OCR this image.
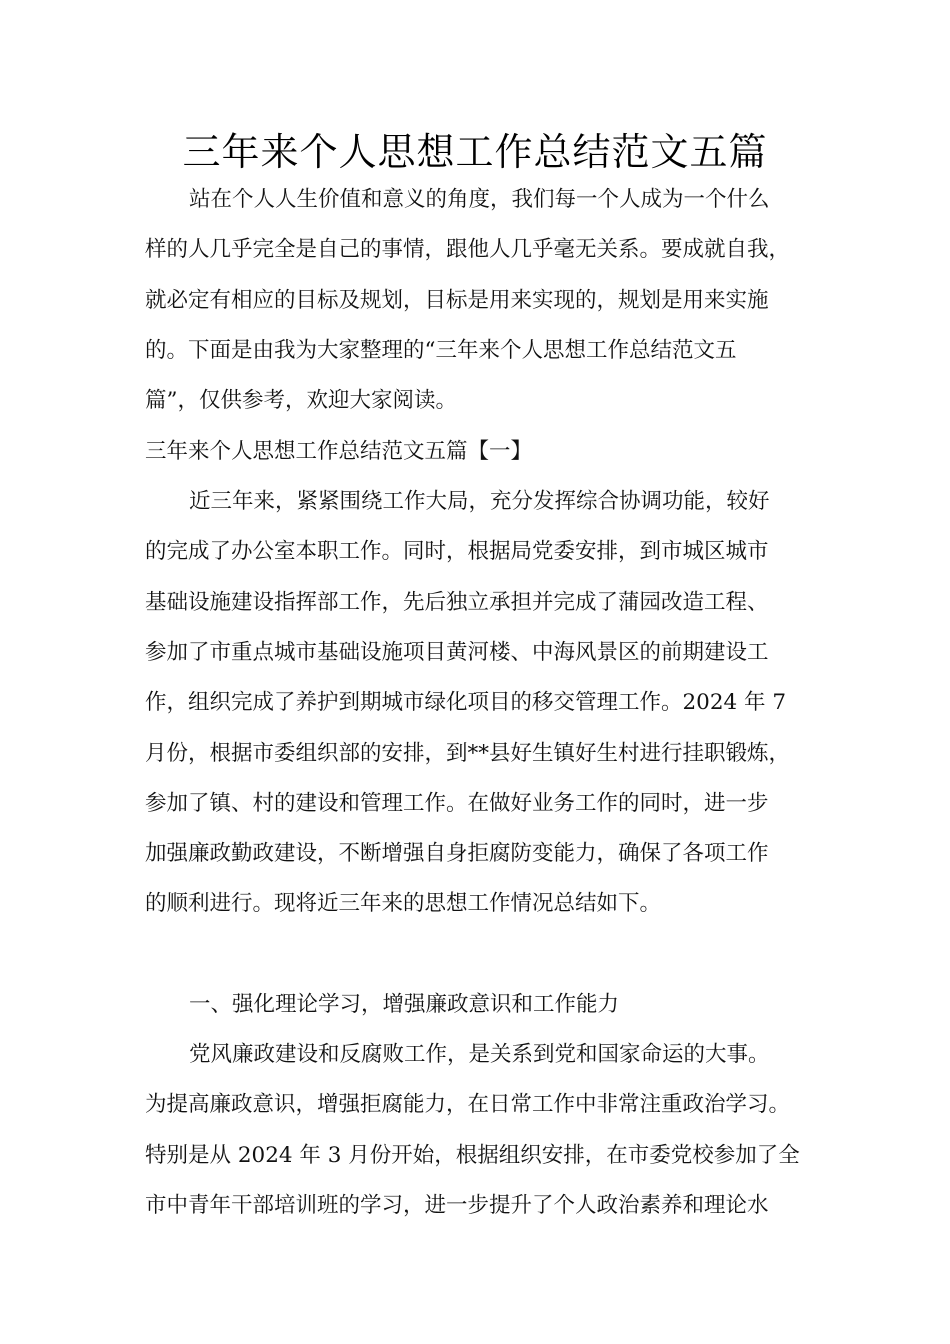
三年来个人思想工作总结范文五篇
站在个人人生价值和意义的角度，我们每一个人成为一个什么
样的人几乎完全是自己的事情，跟他人几乎毫无关系。要成就自我，
就必定有相应的目标及规划，目标是用来实现的，规划是用来实施
的。下面是由我为大家整理的“三年来个人思想工作总结范文五
篇”，仅供参考，欢迎大家阅读。
三年来个人思想工作总结范文五篇【一】
近三年来，紧紧围绕工作大局，充分发挥综合协调功能，较好
的完成了办公室本职工作。同时，根据局党委安排，到市城区城市
基础设施建设指挥部工作，先后独立承担并完成了蒲园改造工程、
参加了市重点城市基础设施项目黄河楼、中海风景区的前期建设工
作，组织完成了养护到期城市绿化项目的移交管理工作。2024 年 7
月份，根据市委组织部的安排，到**县好生镇好生村进行挂职锻炼，
参加了镇、村的建设和管理工作。在做好业务工作的同时，进一步
加强廉政勤政建设，不断增强自身拒腐防变能力，确保了各项工作
的顺利进行。现将近三年来的思想工作情况总结如下。
一、强化理论学习，增强廉政意识和工作能力
党风廉政建设和反腐败工作，是关系到党和国家命运的大事。
为提高廉政意识，增强拒腐能力，在日常工作中非常注重政治学习。
特别是从 2024 年 3 月份开始，根据组织安排，在市委党校参加了全
市中青年干部培训班的学习，进一步提升了个人政治素养和理论水
